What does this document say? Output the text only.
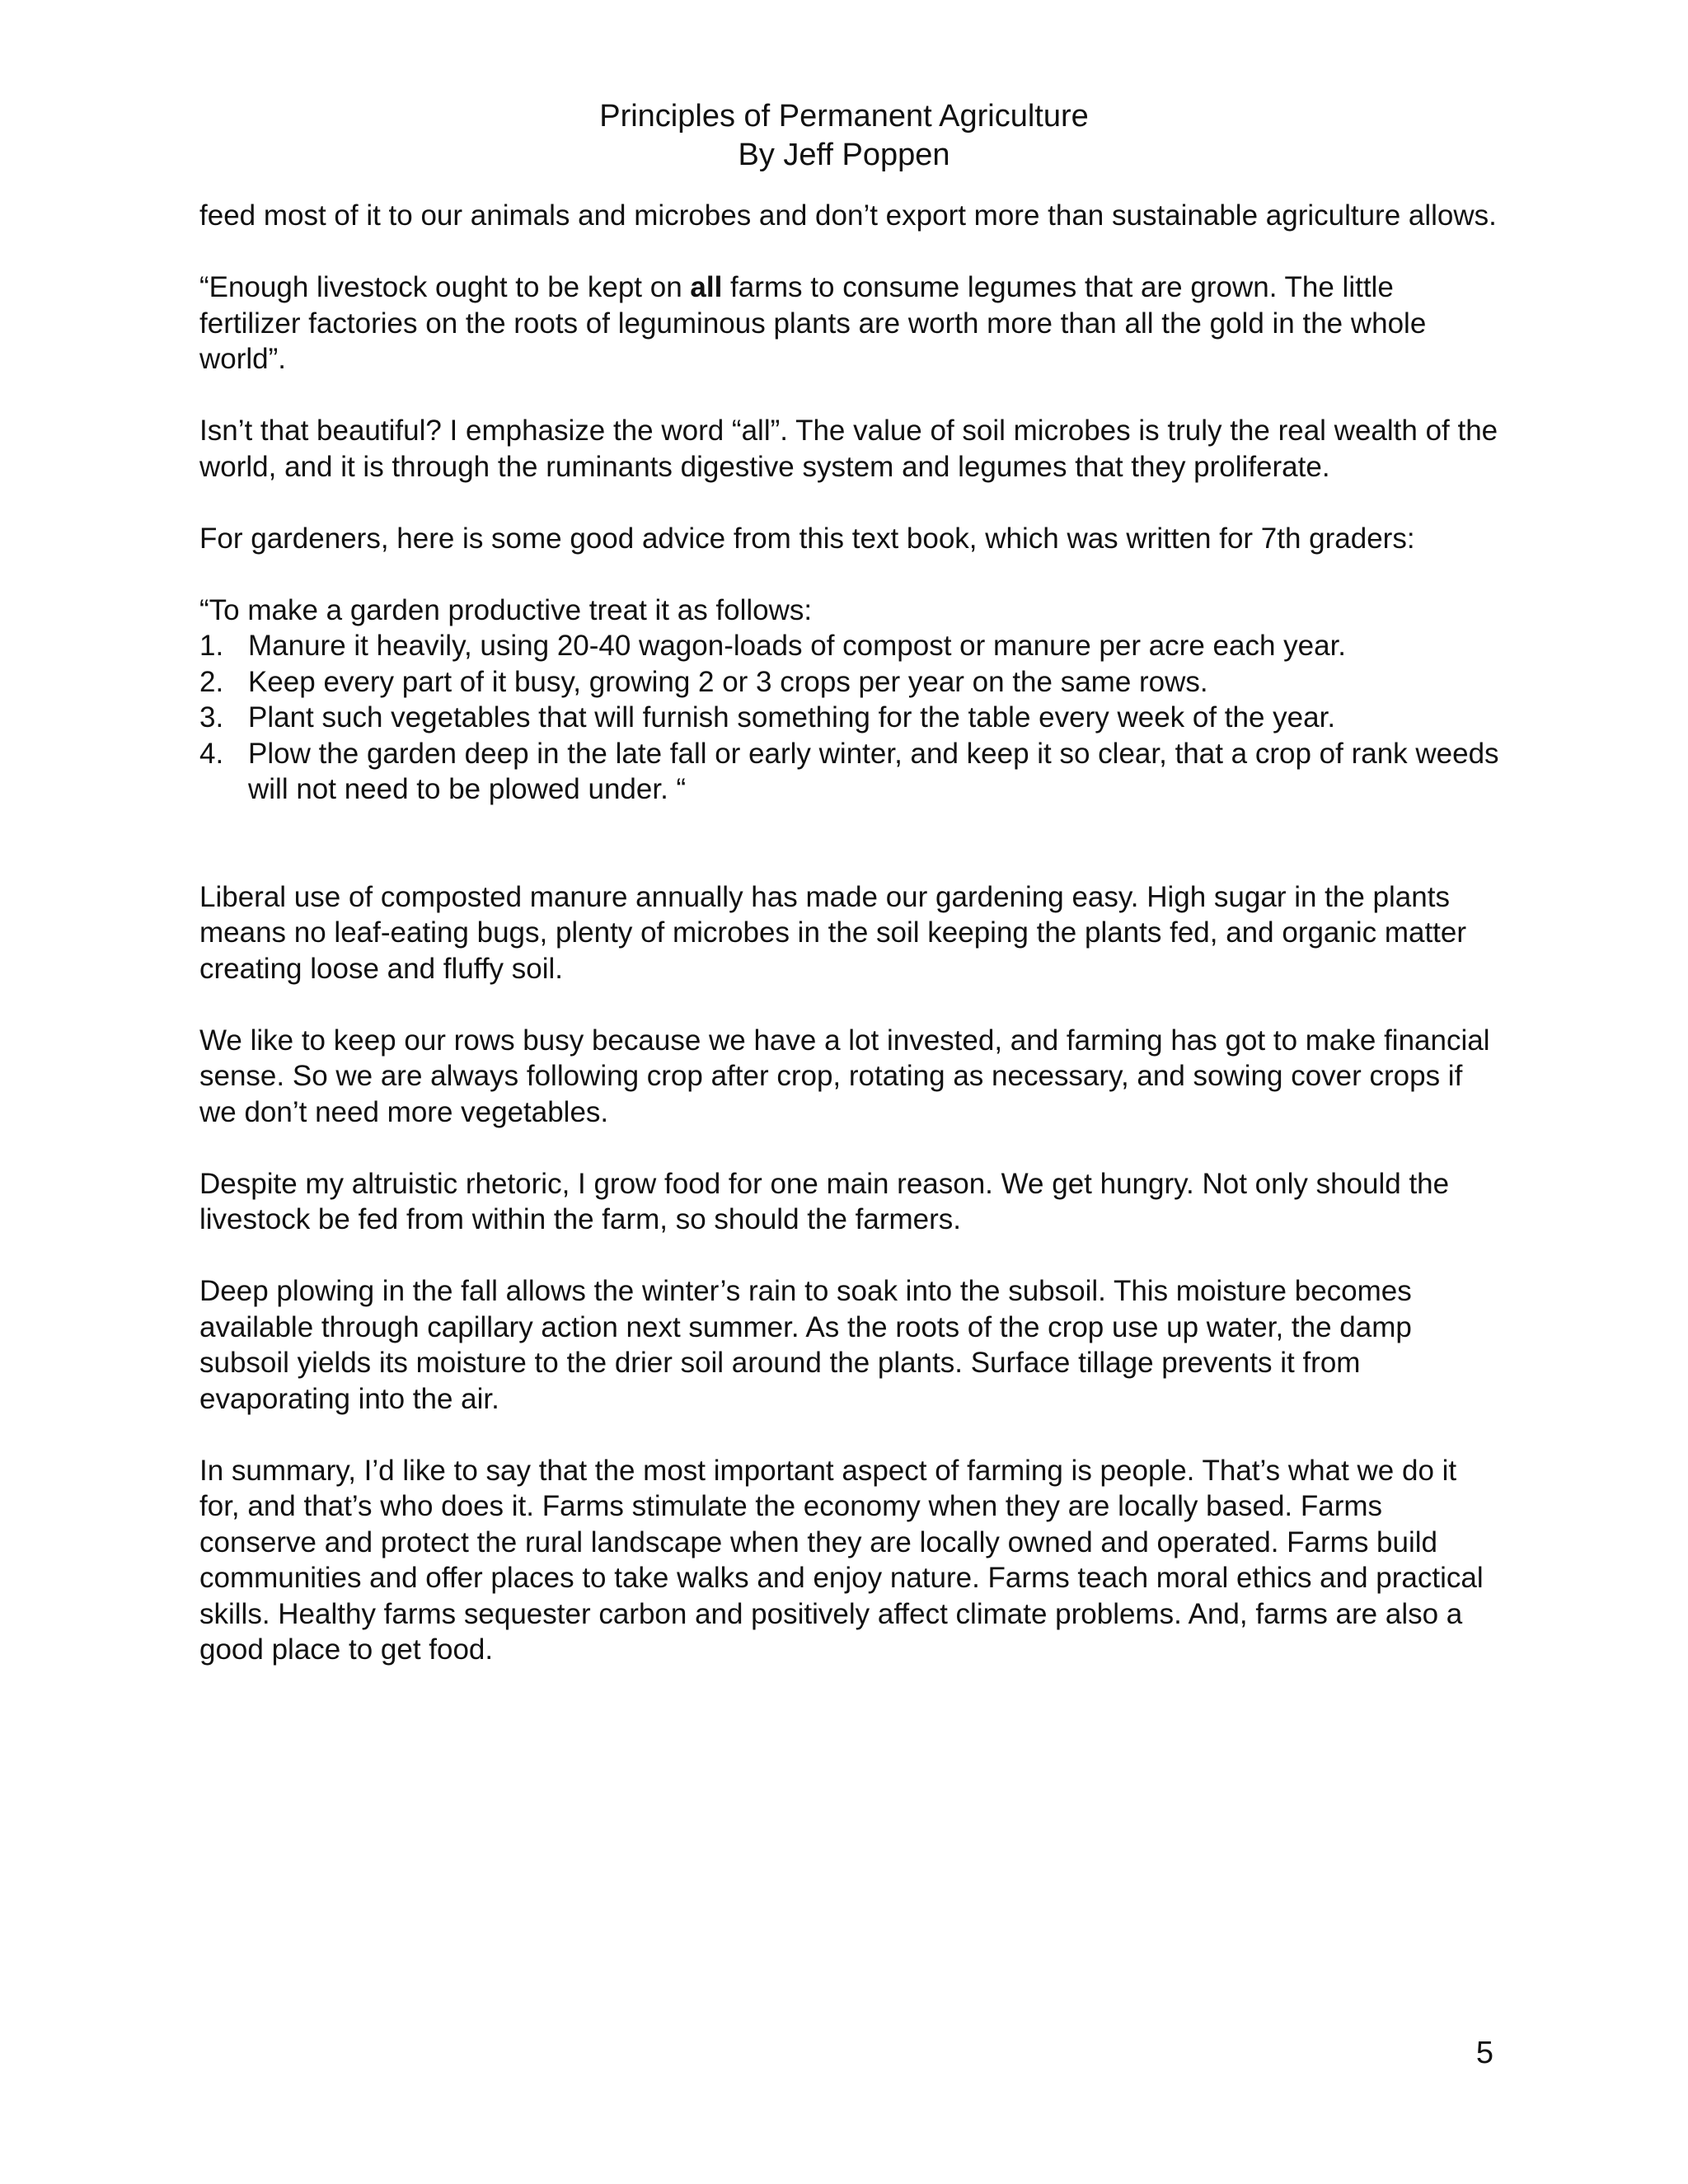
Principles of Permanent Agriculture
By Jeff Poppen

feed most of it to our animals and microbes and don’t export more than sustainable agriculture allows.

“Enough livestock ought to be kept on all farms to consume legumes that are grown. The little fertilizer factories on the roots of leguminous plants are worth more than all the gold in the whole world”.

Isn’t that beautiful? I emphasize the word “all”. The value of soil microbes is truly the real wealth of the world, and it is through the ruminants digestive system and legumes that they proliferate.

For gardeners, here is some good advice from this text book, which was written for 7th graders:

“To make a garden productive treat it as follows:

1. Manure it heavily, using 20-40 wagon-loads of compost or manure per acre each year.
2. Keep every part of it busy, growing 2 or 3 crops per year on the same rows.
3. Plant such vegetables that will furnish something for the table every week of the year.
4. Plow the garden deep in the late fall or early winter, and keep it so clear, that a crop of rank weeds will not need to be plowed under. “

Liberal use of composted manure annually has made our gardening easy. High sugar in the plants means no leaf-eating bugs, plenty of microbes in the soil keeping the plants fed, and organic matter creating loose and fluffy soil.

We like to keep our rows busy because we have a lot invested, and farming has got to make financial sense. So we are always following crop after crop, rotating as necessary, and sowing cover crops if we don’t need more vegetables.

Despite my altruistic rhetoric, I grow food for one main reason. We get hungry. Not only should the livestock be fed from within the farm, so should the farmers.

Deep plowing in the fall allows the winter’s rain to soak into the subsoil. This moisture becomes available through capillary action next summer. As the roots of the crop use up water, the damp subsoil yields its moisture to the drier soil around the plants. Surface tillage prevents it from evaporating into the air.

In summary, I’d like to say that the most important aspect of farming is people. That’s what we do it for, and that’s who does it. Farms stimulate the economy when they are locally based. Farms conserve and protect the rural landscape when they are locally owned and operated. Farms build communities and offer places to take walks and enjoy nature. Farms teach moral ethics and practical skills. Healthy farms sequester carbon and positively affect climate problems. And, farms are also a good place to get food.

5
